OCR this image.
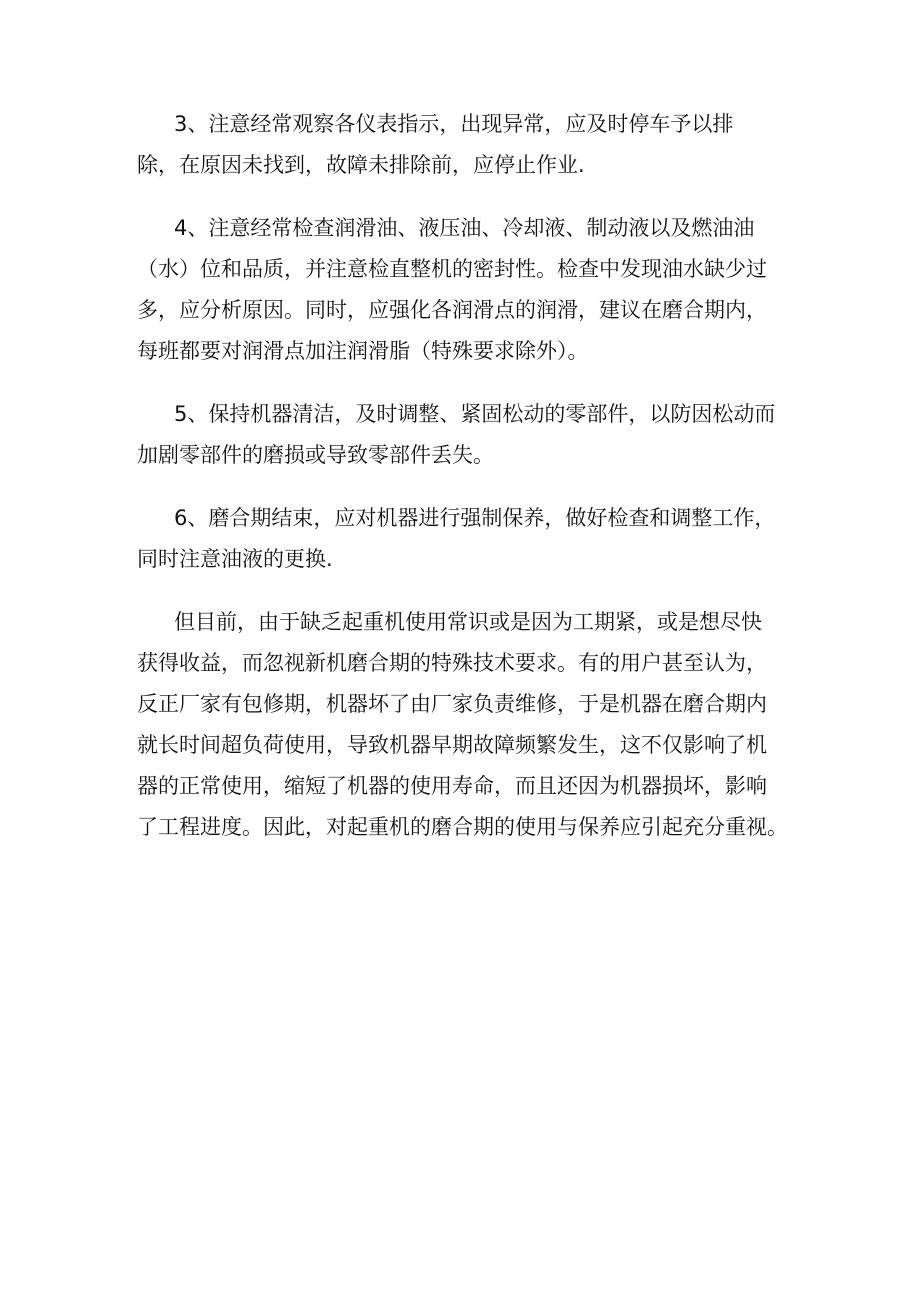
3、注意经常观察各仪表指示，出现异常，应及时停车予以排
除，在原因未找到，故障未排除前，应停止作业.
4、注意经常检查润滑油、液压油、冷却液、制动液以及燃油油
（水）位和品质，并注意检直整机的密封性。检查中发现油水缺少过
多，应分析原因。同时，应强化各润滑点的润滑，建议在磨合期内，
每班都要对润滑点加注润滑脂（特殊要求除外）。
5、保持机器清洁，及时调整、紧固松动的零部件，以防因松动而
加剧零部件的磨损或导致零部件丢失。
6、磨合期结束，应对机器进行强制保养，做好检查和调整工作，
同时注意油液的更换.
但目前，由于缺乏起重机使用常识或是因为工期紧，或是想尽快
获得收益，而忽视新机磨合期的特殊技术要求。有的用户甚至认为，
反正厂家有包修期，机器坏了由厂家负责维修，于是机器在磨合期内
就长时间超负荷使用，导致机器早期故障频繁发生，这不仅影响了机
器的正常使用，缩短了机器的使用寿命，而且还因为机器损坏，影响
了工程进度。因此，对起重机的磨合期的使用与保养应引起充分重视。
